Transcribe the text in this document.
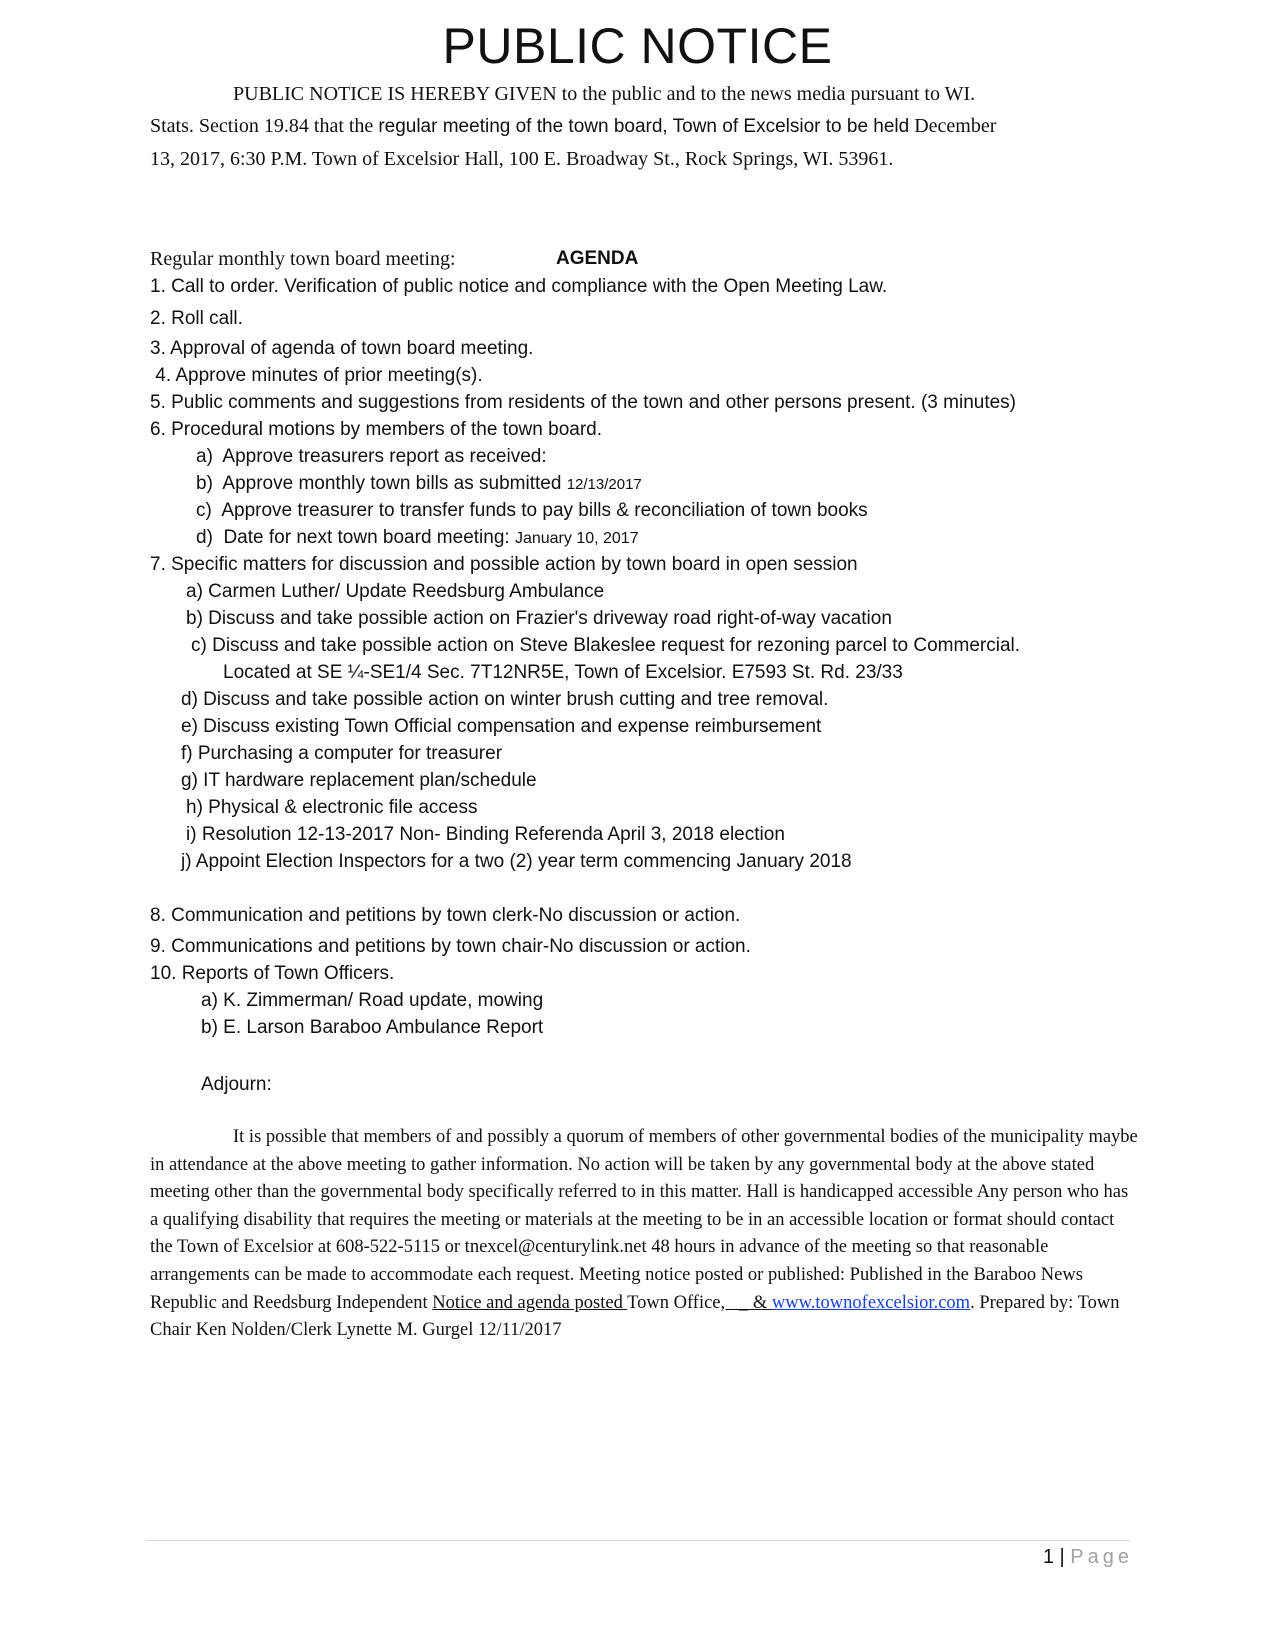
PUBLIC NOTICE
PUBLIC NOTICE IS HEREBY GIVEN to the public and to the news media pursuant to WI.
Stats. Section 19.84 that the regular meeting of the town board, Town of Excelsior to be held December
13, 2017, 6:30 P.M. Town of Excelsior Hall, 100 E. Broadway St., Rock Springs, WI. 53961.
Regular monthly town board meeting:	AGENDA
1. Call to order. Verification of public notice and compliance with the Open Meeting Law.
2. Roll call.
3. Approval of agenda of town board meeting.
4. Approve minutes of prior meeting(s).
5. Public comments and suggestions from residents of the town and other persons present. (3 minutes)
6. Procedural motions by members of the town board.
a)  Approve treasurers report as received:
b)  Approve monthly town bills as submitted 12/13/2017
c)  Approve treasurer to transfer funds to pay bills & reconciliation of town books
d)  Date for next town board meeting: January 10, 2017
7. Specific matters for discussion and possible action by town board in open session
a) Carmen Luther/ Update Reedsburg Ambulance
b) Discuss and take possible action on Frazier's driveway road right-of-way vacation
c) Discuss and take possible action on Steve Blakeslee request for rezoning parcel to Commercial.
Located at SE ¼-SE1/4 Sec. 7T12NR5E, Town of Excelsior. E7593 St. Rd. 23/33
d) Discuss and take possible action on winter brush cutting and tree removal.
e) Discuss existing Town Official compensation and expense reimbursement
f) Purchasing a computer for treasurer
g) IT hardware replacement plan/schedule
h) Physical & electronic file access
i) Resolution 12-13-2017 Non- Binding Referenda April 3, 2018 election
j) Appoint Election Inspectors for a two (2) year term commencing January 2018
8. Communication and petitions by town clerk-No discussion or action.
9. Communications and petitions by town chair-No discussion or action.
10. Reports of Town Officers.
a) K. Zimmerman/ Road update, mowing
b) E. Larson Baraboo Ambulance Report
Adjourn:
It is possible that members of and possibly a quorum of members of other governmental bodies of the municipality maybe in attendance at the above meeting to gather information. No action will be taken by any governmental body at the above stated meeting other than the governmental body specifically referred to in this matter. Hall is handicapped accessible Any person who has a qualifying disability that requires the meeting or materials at the meeting to be in an accessible location or format should contact the Town of Excelsior at 608-522-5115 or tnexcel@centurylink.net 48 hours in advance of the meeting so that reasonable arrangements can be made to accommodate each request. Meeting notice posted or published: Published in the Baraboo News Republic and Reedsburg Independent Notice and agenda posted Town Office,   _ & www.townofexcelsior.com. Prepared by: Town Chair Ken Nolden/Clerk Lynette M. Gurgel 12/11/2017
1 | Page
